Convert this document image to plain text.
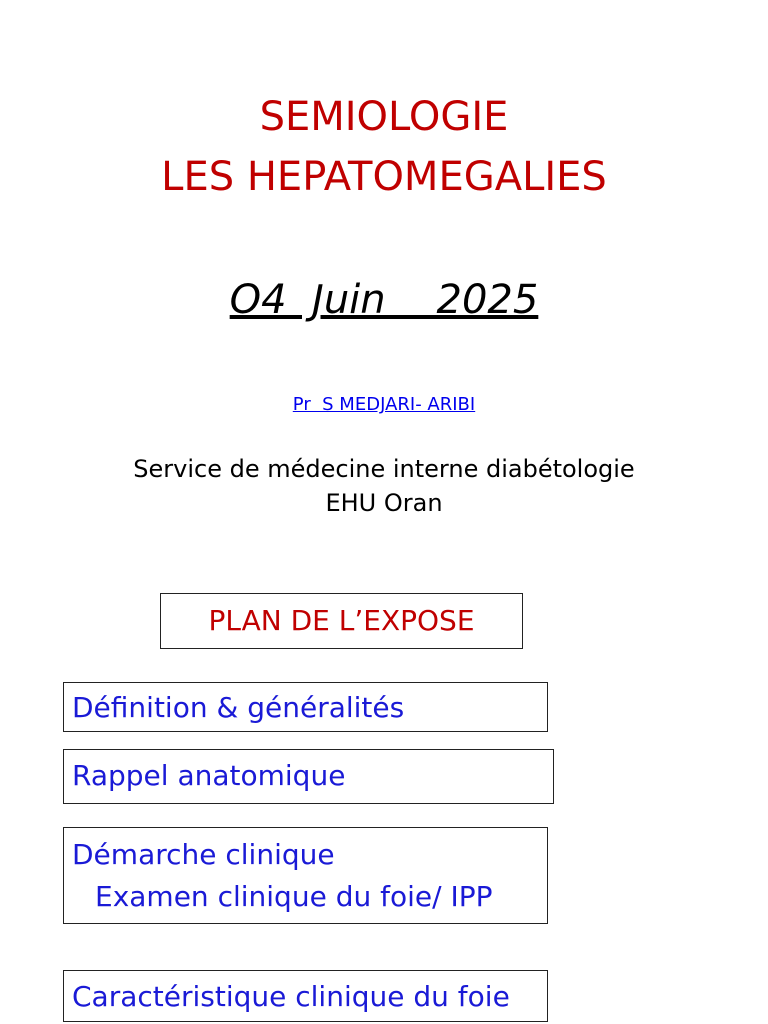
SEMIOLOGIE
LES HEPATOMEGALIES
O4  Juin    2025
Pr  S MEDJARI- ARIBI
Service de médecine interne diabétologie
EHU Oran
PLAN DE L’EXPOSE
Définition & généralités
Rappel anatomique
Démarche clinique
Examen clinique du foie/ IPP
Caractéristique clinique du foie
